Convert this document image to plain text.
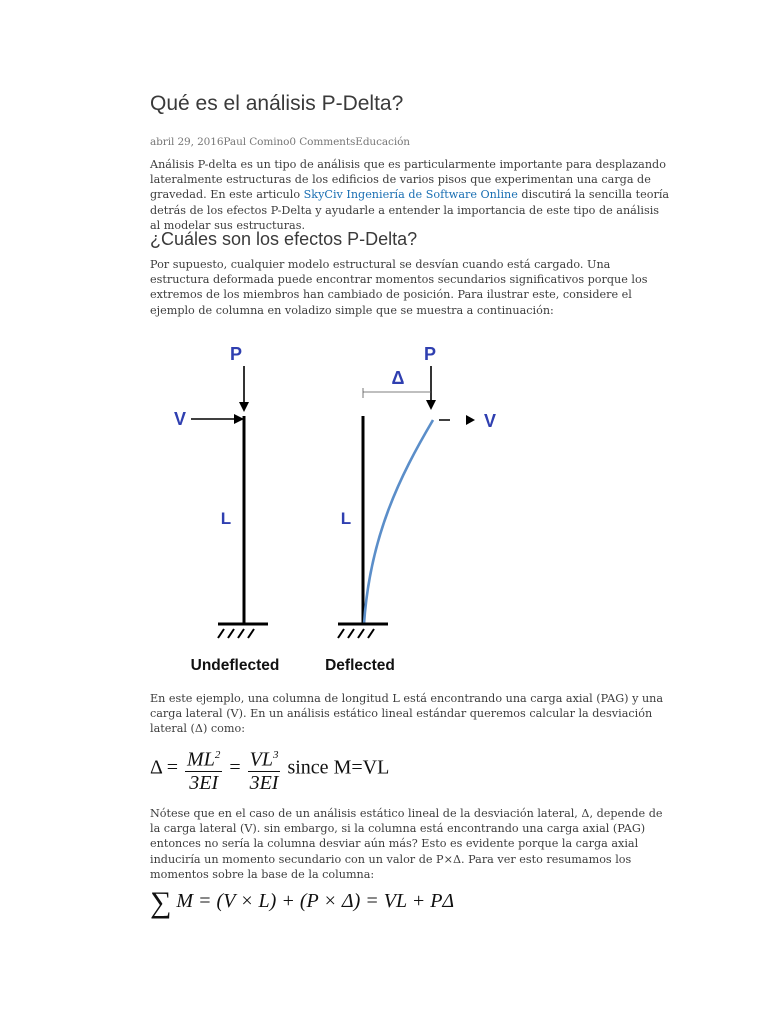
Qué es el análisis P-Delta?
abril 29, 2016Paul Comino0 CommentsEducación

Análisis P-delta es un tipo de análisis que es particularmente importante para desplazando lateralmente estructuras de los edificios de varios pisos que experimentan una carga de gravedad. En este articulo SkyCiv Ingeniería de Software Online discutirá la sencilla teoría detrás de los efectos P-Delta y ayudarle a entender la importancia de este tipo de análisis al modelar sus estructuras.

¿Cuáles son los efectos P-Delta?

Por supuesto, cualquier modelo estructural se desvían cuando está cargado. Una estructura deformada puede encontrar momentos secundarios significativos porque los extremos de los miembros han cambiado de posición. Para ilustrar este, considere el ejemplo de columna en voladizo simple que se muestra a continuación:

P
V
L
Undeflected
P
Δ
L
Deflected
V

En este ejemplo, una columna de longitud L está encontrando una carga axial (PAG) y una carga lateral (V). En un análisis estático lineal estándar queremos calcular la desviación lateral (Δ) como:

$\Delta = \frac{ML^2}{3EI} = \frac{VL^3}{3EI}$ since M=VL

Nótese que en el caso de un análisis estático lineal de la desviación lateral, Δ, depende de la carga lateral (V). sin embargo, si la columna está encontrando una carga axial (PAG) entonces no sería la columna desviar aún más? Esto es evidente porque la carga axial induciría un momento secundario con un valor de P×Δ. Para ver esto resumamos los momentos sobre la base de la columna:

∑ M = (V × L) + (P × Δ) = VL + PΔ
